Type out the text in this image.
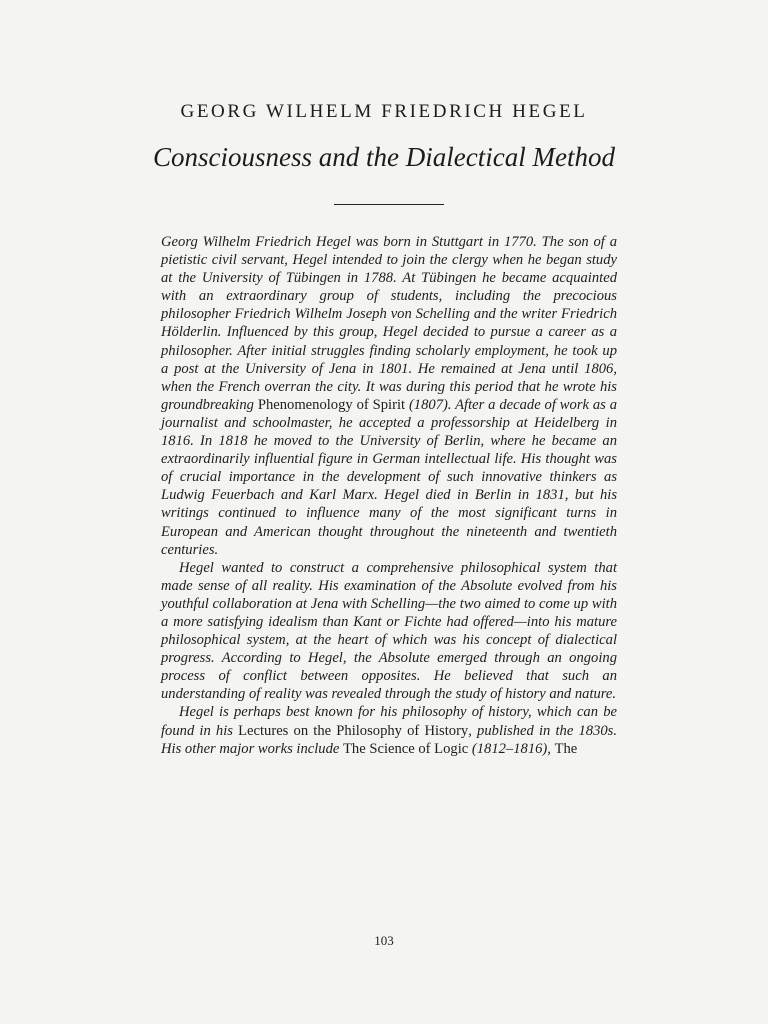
GEORG WILHELM FRIEDRICH HEGEL
Consciousness and the Dialectical Method

Georg Wilhelm Friedrich Hegel was born in Stuttgart in 1770. The son of a pietistic civil servant, Hegel intended to join the clergy when he began study at the University of Tübingen in 1788. At Tübingen he became acquainted with an extraordinary group of students, including the precocious philosopher Friedrich Wilhelm Joseph von Schelling and the writer Friedrich Hölderlin. Influenced by this group, Hegel decided to pursue a career as a philosopher. After initial struggles finding scholarly employment, he took up a post at the University of Jena in 1801. He remained at Jena until 1806, when the French overran the city. It was during this period that he wrote his groundbreaking Phenomenology of Spirit (1807). After a decade of work as a journalist and schoolmaster, he accepted a professorship at Heidelberg in 1816. In 1818 he moved to the University of Berlin, where he became an extraordinarily influential figure in German intellectual life. His thought was of crucial importance in the development of such innovative thinkers as Ludwig Feuerbach and Karl Marx. Hegel died in Berlin in 1831, but his writings continued to influence many of the most significant turns in European and American thought throughout the nineteenth and twentieth centuries.

Hegel wanted to construct a comprehensive philosophical system that made sense of all reality. His examination of the Absolute evolved from his youthful collaboration at Jena with Schelling—the two aimed to come up with a more satisfying idealism than Kant or Fichte had offered—into his mature philosophical system, at the heart of which was his concept of dialectical progress. According to Hegel, the Absolute emerged through an ongoing process of conflict between opposites. He believed that such an understanding of reality was revealed through the study of history and nature.

Hegel is perhaps best known for his philosophy of history, which can be found in his Lectures on the Philosophy of History, published in the 1830s. His other major works include The Science of Logic (1812–1816), The

103
